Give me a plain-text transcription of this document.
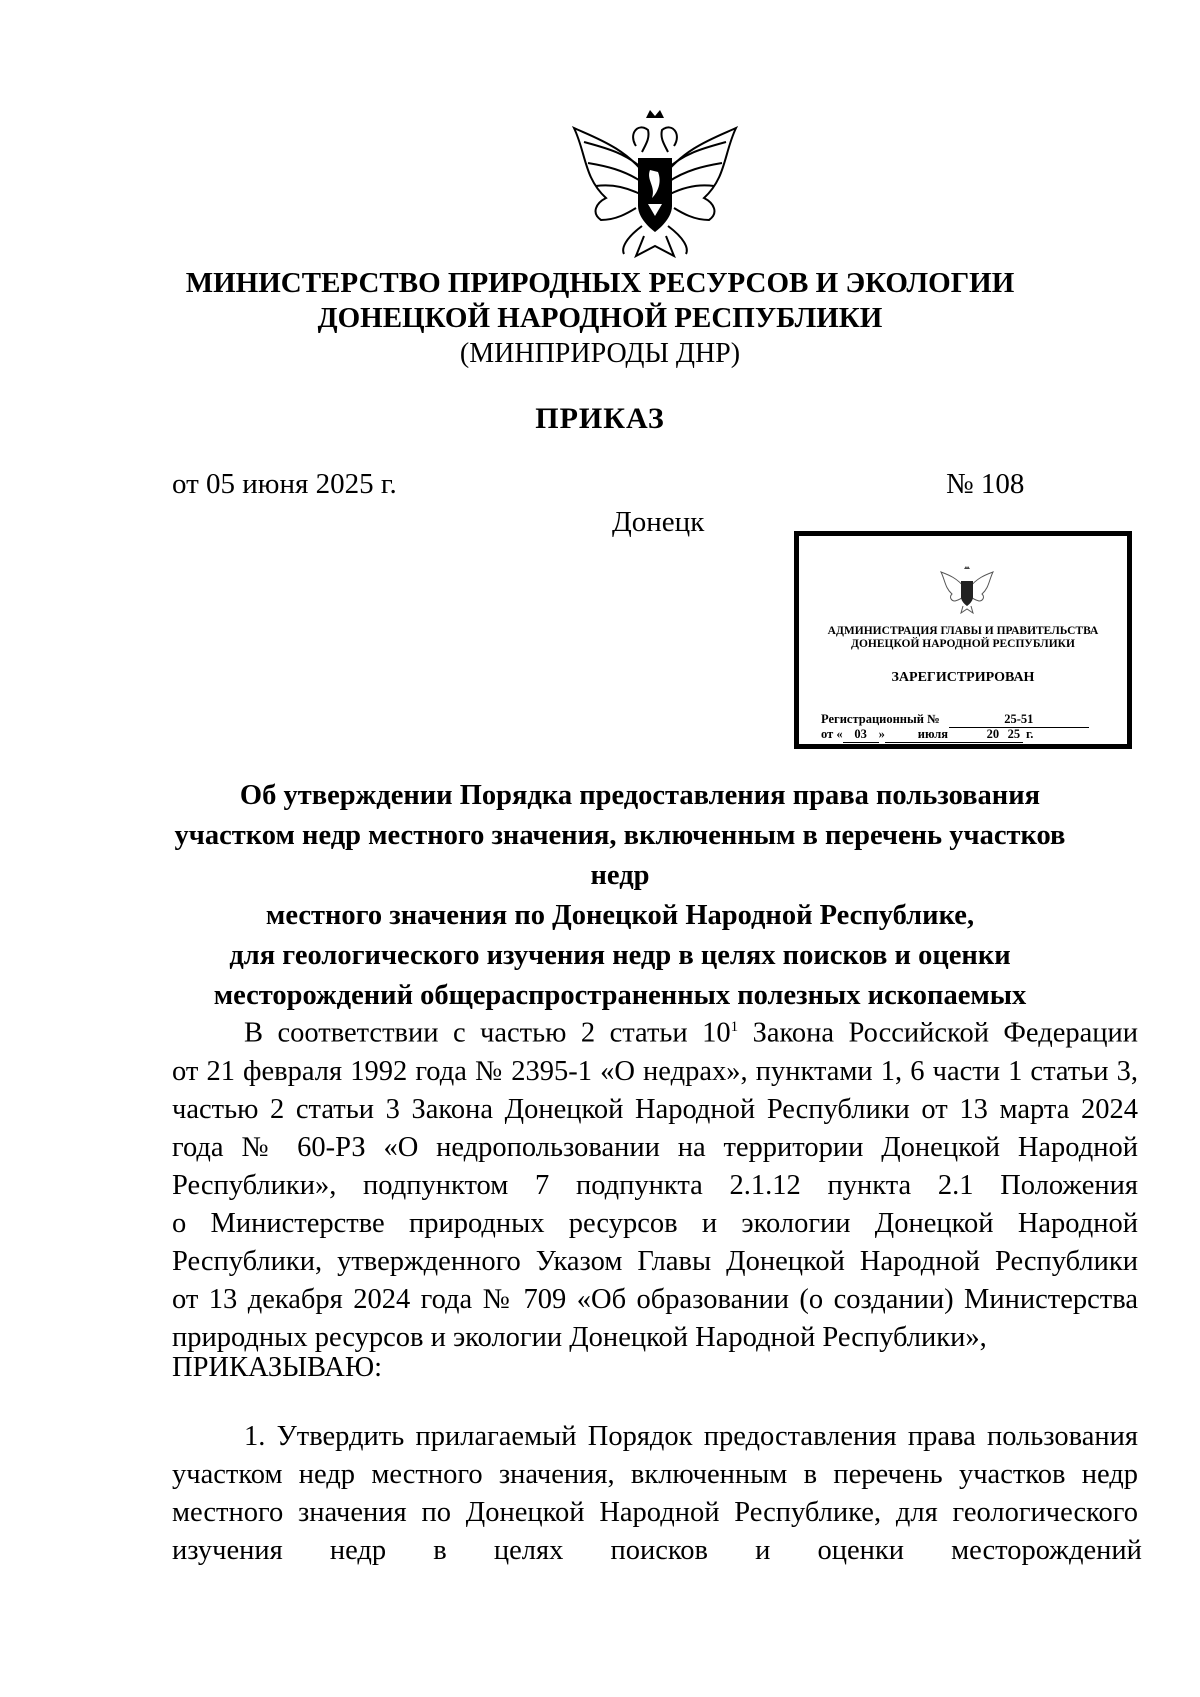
МИНИСТЕРСТВО ПРИРОДНЫХ РЕСУРСОВ И ЭКОЛОГИИ
ДОНЕЦКОЙ НАРОДНОЙ РЕСПУБЛИКИ
(МИНПРИРОДЫ ДНР)
ПРИКАЗ
от 05 июня 2025 г.	№ 108
Донецк
АДМИНИСТРАЦИЯ ГЛАВЫ И ПРАВИТЕЛЬСТВА
ДОНЕЦКОЙ НАРОДНОЙ РЕСПУБЛИКИ
ЗАРЕГИСТРИРОВАН
Регистрационный №	25-51
от « 03 »	июля	20 25 г.
Об утверждении Порядка предоставления права пользования
участком недр местного значения, включенным в перечень участков недр
местного значения по Донецкой Народной Республике,
для геологического изучения недр в целях поисков и оценки
месторождений общераспространенных полезных ископаемых
В соответствии с частью 2 статьи $10^1$ Закона Российской Федерации
от 21 февраля 1992 года № 2395-1 «О недрах», пунктами 1, 6 части 1 статьи 3,
частью 2 статьи 3 Закона Донецкой Народной Республики от 13 марта 2024
года № 60-РЗ «О недропользовании на территории Донецкой Народной
Республики», подпунктом 7 подпункта 2.1.12 пункта 2.1 Положения
о Министерстве природных ресурсов и экологии Донецкой Народной
Республики, утвержденного Указом Главы Донецкой Народной Республики
от 13 декабря 2024 года № 709 «Об образовании (о создании) Министерства
природных ресурсов и экологии Донецкой Народной Республики»,
ПРИКАЗЫВАЮ:
1. Утвердить прилагаемый Порядок предоставления права пользования
участком недр местного значения, включенным в перечень участков недр
местного значения по Донецкой Народной Республике, для геологического
изучения недр в целях поисков и оценки месторождений
